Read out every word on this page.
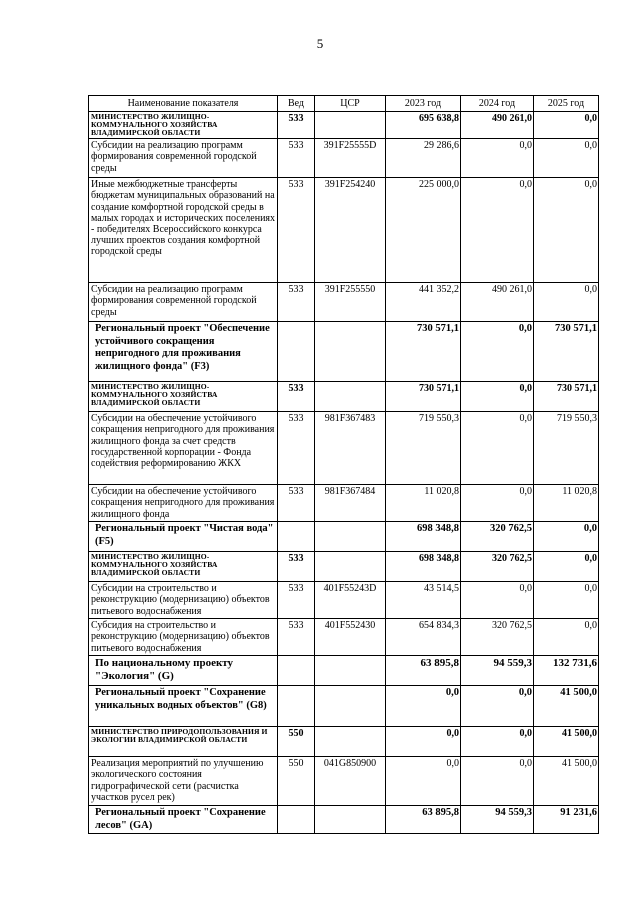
5
Наименование показателя	Вед	ЦСР	2023 год	2024 год	2025 год
МИНИСТЕРСТВО ЖИЛИЩНО-КОММУНАЛЬНОГО ХОЗЯЙСТВА ВЛАДИМИРСКОЙ ОБЛАСТИ	533		695 638,8	490 261,0	0,0
Субсидии на реализацию программ формирования современной городской среды	533	391F25555D	29 286,6	0,0	0,0
Иные межбюджетные трансферты бюджетам муниципальных образований на создание комфортной городской среды в малых городах и исторических поселениях - победителях Всероссийского конкурса лучших проектов создания комфортной городской среды	533	391F254240	225 000,0	0,0	0,0
Субсидии на реализацию программ формирования современной городской среды	533	391F255550	441 352,2	490 261,0	0,0
Региональный проект "Обеспечение устойчивого сокращения непригодного для проживания жилищного фонда" (F3)			730 571,1	0,0	730 571,1
МИНИСТЕРСТВО ЖИЛИЩНО-КОММУНАЛЬНОГО ХОЗЯЙСТВА ВЛАДИМИРСКОЙ ОБЛАСТИ	533		730 571,1	0,0	730 571,1
Субсидии на обеспечение устойчивого сокращения непригодного для проживания жилищного фонда за счет средств государственной корпорации - Фонда содействия реформированию ЖКХ	533	981F367483	719 550,3	0,0	719 550,3
Субсидии на обеспечение устойчивого сокращения непригодного для проживания жилищного фонда	533	981F367484	11 020,8	0,0	11 020,8
Региональный проект "Чистая вода" (F5)			698 348,8	320 762,5	0,0
МИНИСТЕРСТВО ЖИЛИЩНО-КОММУНАЛЬНОГО ХОЗЯЙСТВА ВЛАДИМИРСКОЙ ОБЛАСТИ	533		698 348,8	320 762,5	0,0
Субсидии на строительство и реконструкцию (модернизацию) объектов питьевого водоснабжения	533	401F55243D	43 514,5	0,0	0,0
Субсидия на строительство и реконструкцию (модернизацию) объектов питьевого водоснабжения	533	401F552430	654 834,3	320 762,5	0,0
По национальному проекту "Экология" (G)			63 895,8	94 559,3	132 731,6
Региональный проект "Сохранение уникальных водных объектов" (G8)			0,0	0,0	41 500,0
МИНИСТЕРСТВО ПРИРОДОПОЛЬЗОВАНИЯ И ЭКОЛОГИИ ВЛАДИМИРСКОЙ ОБЛАСТИ	550		0,0	0,0	41 500,0
Реализация мероприятий по улучшению экологического состояния гидрографической сети (расчистка участков русел рек)	550	041G850900	0,0	0,0	41 500,0
Региональный проект "Сохранение лесов" (GA)			63 895,8	94 559,3	91 231,6
